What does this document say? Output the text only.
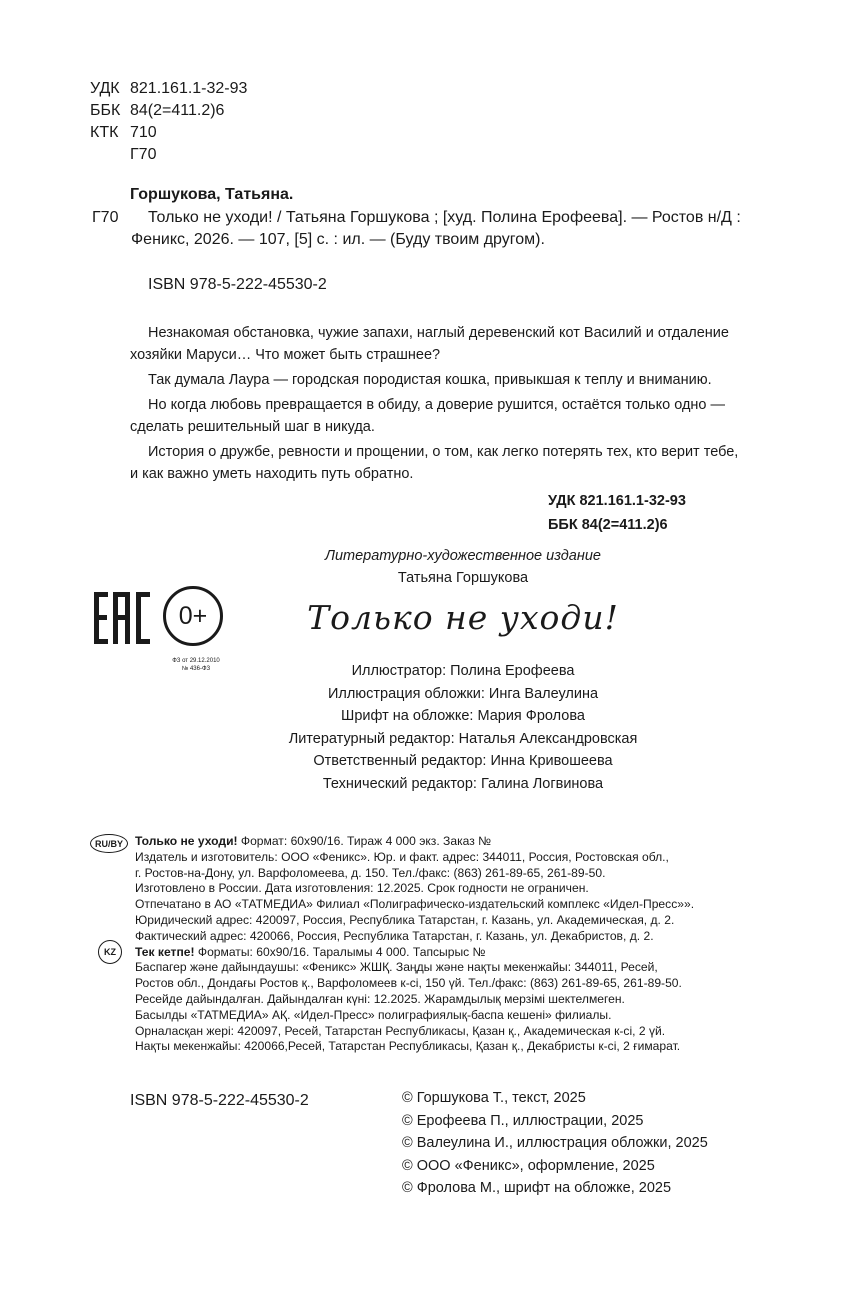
УДК 821.161.1-32-93
ББК 84(2=411.2)6
КТК 710
Г70
Горшукова, Татьяна.
Г70	Только не уходи! / Татьяна Горшукова ; [худ. Полина Ерофеева]. — Ростов н/Д : Феникс, 2026. — 107, [5] с. : ил. — (Буду твоим другом).
ISBN 978-5-222-45530-2

Незнакомая обстановка, чужие запахи, наглый деревенский кот Василий и отдаление хозяйки Маруси… Что может быть страшнее?

Так думала Лаура — городская породистая кошка, привыкшая к теплу и вниманию.

Но когда любовь превращается в обиду, а доверие рушится, остаётся только одно — сделать решительный шаг в никуда.

История о дружбе, ревности и прощении, о том, как легко потерять тех, кто верит тебе, и как важно уметь находить путь обратно.

УДК 821.161.1-32-93
ББК 84(2=411.2)6
0+
ФЗ от 29.12.2010
№ 436-ФЗ
Литературно-художественное издание
Татьяна Горшукова
Только не уходи!
Иллюстратор: Полина Ерофеева
Иллюстрация обложки: Инга Валеулина
Шрифт на обложке: Мария Фролова
Литературный редактор: Наталья Александровская
Ответственный редактор: Инна Кривошеева
Технический редактор: Галина Логвинова
RU/BY
KZ
Только не уходи! Формат: 60x90/16. Тираж 4 000 экз. Заказ №
Издатель и изготовитель: ООО «Феникс». Юр. и факт. адрес: 344011, Россия, Ростовская обл.,
г. Ростов-на-Дону, ул. Варфоломеева, д. 150. Тел./факс: (863) 261-89-65, 261-89-50.
Изготовлено в России. Дата изготовления: 12.2025. Срок годности не ограничен.
Отпечатано в АО «ТАТМЕДИА» Филиал «Полиграфическо-издательский комплекс «Идел-Пресс»».
Юридический адрес: 420097, Россия, Республика Татарстан, г. Казань, ул. Академическая, д. 2.
Фактический адрес: 420066, Россия, Республика Татарстан, г. Казань, ул. Декабристов, д. 2.
Тек кетпе! Форматы: 60x90/16. Таралымы 4 000. Тапсырыс №
Баспагер және дайындаушы: «Феникс» ЖШҚ. Заңды және нақты мекенжайы: 344011, Ресей,
Ростов обл., Дондағы Ростов қ., Варфоломеев к-сі, 150 үй. Тел./факс: (863) 261-89-65, 261-89-50.
Ресейде дайындалған. Дайындалған күні: 12.2025. Жарамдылық мерзімі шектелмеген.
Басылды «ТАТМЕДИА» АҚ. «Идел-Пресс» полиграфиялық-баспа кешені» филиалы.
Орналасқан жері: 420097, Ресей, Татарстан Республикасы, Қазан қ., Академическая к-сі, 2 үй.
Нақты мекенжайы: 420066,Ресей, Татарстан Республикасы, Қазан қ., Декабристы к-сі, 2 ғимарат.
ISBN 978-5-222-45530-2	© Горшукова Т., текст, 2025
© Ерофеева П., иллюстрации, 2025
© Валеулина И., иллюстрация обложки, 2025
© ООО «Феникс», оформление, 2025
© Фролова М., шрифт на обложке, 2025
